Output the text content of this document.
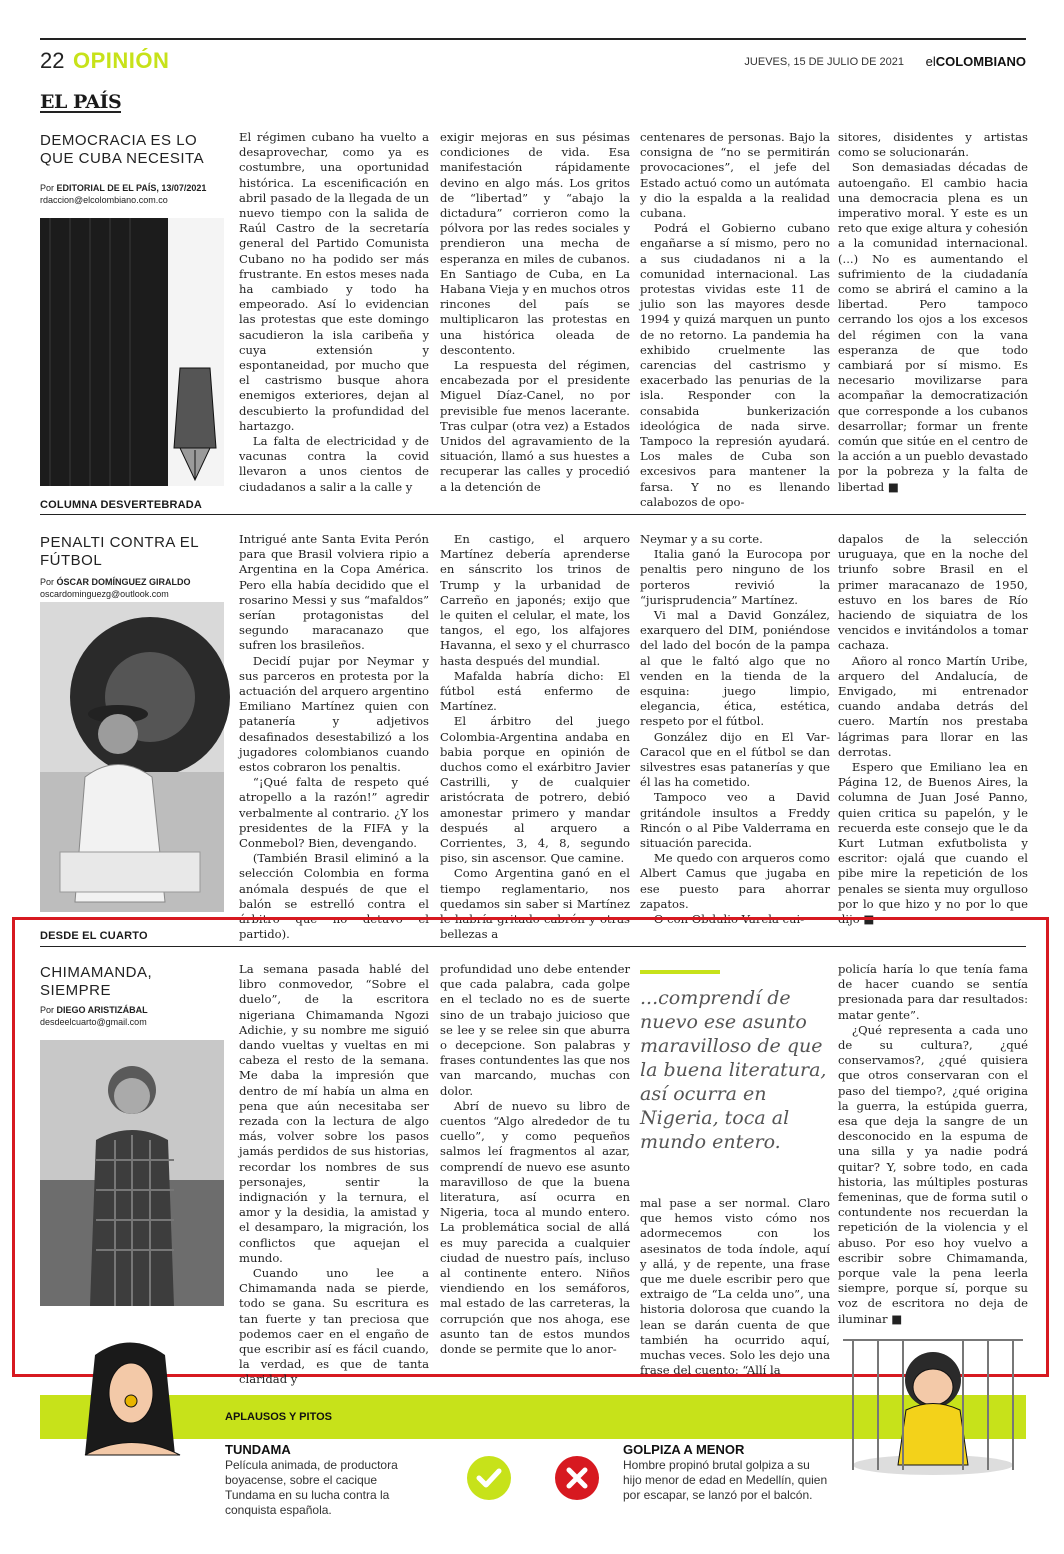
22 OPINIÓN	JUEVES, 15 DE JULIO DE 2021 elCOLOMBIANO
EL PAÍS
DEMOCRACIA ES LO QUE CUBA NECESITA
Por EDITORIAL DE EL PAÍS, 13/07/2021
rdaccion@elcolombiano.com.co

El régimen cubano ha vuelto a desaprovechar, como ya es costumbre, una oportunidad histórica. La escenificación en abril pasado de la llegada de un nuevo tiempo con la salida de Raúl Castro de la secretaría general del Partido Comunista Cubano no ha podido ser más frustrante. En estos meses nada ha cambiado y todo ha empeorado. Así lo evidencian las protestas que este domingo sacudieron la isla caribeña y cuya extensión y espontaneidad, por mucho que el castrismo busque ahora enemigos exteriores, dejan al descubierto la profundidad del hartazgo.

La falta de electricidad y de vacunas contra la covid llevaron a unos cientos de ciudadanos a salir a la calle y

exigir mejoras en sus pésimas condiciones de vida. Esa manifestación rápidamente devino en algo más. Los gritos de “libertad” y “abajo la dictadura” corrieron como la pólvora por las redes sociales y prendieron una mecha de esperanza en miles de cubanos. En Santiago de Cuba, en La Habana Vieja y en muchos otros rincones del país se multiplicaron las protestas en una histórica oleada de descontento.

La respuesta del régimen, encabezada por el presidente Miguel Díaz-Canel, no por previsible fue menos lacerante. Tras culpar (otra vez) a Estados Unidos del agravamiento de la situación, llamó a sus huestes a recuperar las calles y procedió a la detención de

centenares de personas. Bajo la consigna de “no se permitirán provocaciones”, el jefe del Estado actuó como un autómata y dio la espalda a la realidad cubana.

Podrá el Gobierno cubano engañarse a sí mismo, pero no a sus ciudadanos ni a la comunidad internacional. Las protestas vividas este 11 de julio son las mayores desde 1994 y quizá marquen un punto de no retorno. La pandemia ha exhibido cruelmente las carencias del castrismo y exacerbado las penurias de la isla. Responder con la consabida bunkerización ideológica de nada sirve. Tampoco la represión ayudará. Los males de Cuba son excesivos para mantener la farsa. Y no es llenando calabozos de opo-

sitores, disidentes y artistas como se solucionarán.

Son demasiadas décadas de autoengaño. El cambio hacia una democracia plena es un imperativo moral. Y este es un reto que exige altura y cohesión a la comunidad internacional. (...) No es aumentando el sufrimiento de la ciudadanía como se abrirá el camino a la libertad. Pero tampoco cerrando los ojos a los excesos del régimen con la vana esperanza de que todo cambiará por sí mismo. Es necesario movilizarse para acompañar la democratización que corresponde a los cubanos desarrollar; formar un frente común que sitúe en el centro de la acción a un pueblo devastado por la pobreza y la falta de libertad ■

COLUMNA DESVERTEBRADA
PENALTI CONTRA EL FÚTBOL
Por ÓSCAR DOMÍNGUEZ GIRALDO
oscardominguezg@outlook.com

Intrigué ante Santa Evita Perón para que Brasil volviera ripio a Argentina en la Copa América. Pero ella había decidido que el rosarino Messi y sus “mafaldos” serían protagonistas del segundo maracanazo que sufren los brasileños.

Decidí pujar por Neymar y sus parceros en protesta por la actuación del arquero argentino Emiliano Martínez quien con patanería y adjetivos desafinados desestabilizó a los jugadores colombianos cuando estos cobraron los penaltis.

“¡Qué falta de respeto qué atropello a la razón!” agredir verbalmente al contrario. ¿Y los presidentes de la FIFA y la Conmebol? Bien, devengando.

(También Brasil eliminó a la selección Colombia en forma anómala después de que el balón se estrelló contra el árbitro que no detuvo el partido).

En castigo, el arquero Martínez debería aprenderse en sánscrito los trinos de Trump y la urbanidad de Carreño en japonés; exijo que le quiten el celular, el mate, los tangos, el ego, los alfajores Havanna, el sexo y el churrasco hasta después del mundial.

Mafalda habría dicho: El fútbol está enfermo de Martínez.

El árbitro del juego Colombia-Argentina andaba en babia porque en opinión de duchos como el exárbitro Javier Castrilli, y de cualquier aristócrata de potrero, debió amonestar primero y mandar después al arquero a Corrientes, 3, 4, 8, segundo piso, sin ascensor. Que camine.

Como Argentina ganó en el tiempo reglamentario, nos quedamos sin saber si Martínez le habría gritado cabrón y otras bellezas a

Neymar y a su corte.

Italia ganó la Eurocopa por penaltis pero ninguno de los porteros revivió la “jurisprudencia” Martínez.

Vi mal a David González, exarquero del DIM, poniéndose del lado del bocón de la pampa al que le faltó algo que no venden en la tienda de la esquina: juego limpio, elegancia, ética, estética, respeto por el fútbol.

González dijo en El Var-Caracol que en el fútbol se dan silvestres esas patanerías y que él las ha cometido.

Tampoco veo a David gritándole insultos a Freddy Rincón o al Pibe Valderrama en situación parecida.

Me quedo con arqueros como Albert Camus que jugaba en ese puesto para ahorrar zapatos.

O con Obdulio Varela cui-

dapalos de la selección uruguaya, que en la noche del triunfo sobre Brasil en el primer maracanazo de 1950, estuvo en los bares de Río haciendo de siquiatra de los vencidos e invitándolos a tomar cachaza.

Añoro al ronco Martín Uribe, arquero del Andalucía, de Envigado, mi entrenador cuando andaba detrás del cuero. Martín nos prestaba lágrimas para llorar en las derrotas.

Espero que Emiliano lea en Página 12, de Buenos Aires, la columna de Juan José Panno, quien critica su papelón, y le recuerda este consejo que le da Kurt Lutman exfutbolista y escritor: ojalá que cuando el pibe mire la repetición de los penales se sienta muy orgulloso por lo que hizo y no por lo que dijo ■

DESDE EL CUARTO
CHIMAMANDA, SIEMPRE
Por DIEGO ARISTIZÁBAL
desdeelcuarto@gmail.com

La semana pasada hablé del libro conmovedor, “Sobre el duelo”, de la escritora nigeriana Chimamanda Ngozi Adichie, y su nombre me siguió dando vueltas y vueltas en mi cabeza el resto de la semana. Me daba la impresión que dentro de mí había un alma en pena que aún necesitaba ser rezada con la lectura de algo más, volver sobre los pasos jamás perdidos de sus historias, recordar los nombres de sus personajes, sentir la indignación y la ternura, el amor y la desidia, la amistad y el desamparo, la migración, los conflictos que aquejan el mundo.

Cuando uno lee a Chimamanda nada se pierde, todo se gana. Su escritura es tan fuerte y tan preciosa que podemos caer en el engaño de que escribir así es fácil cuando, la verdad, es que de tanta claridad y

profundidad uno debe entender que cada palabra, cada golpe en el teclado no es de suerte sino de un trabajo juicioso que se lee y se relee sin que aburra o decepcione. Son palabras y frases contundentes las que nos van marcando, muchas con dolor.

Abrí de nuevo su libro de cuentos “Algo alrededor de tu cuello”, y como pequeños salmos leí fragmentos al azar, comprendí de nuevo ese asunto maravilloso de que la buena literatura, así ocurra en Nigeria, toca al mundo entero. La problemática social de allá es muy parecida a cualquier ciudad de nuestro país, incluso al continente entero. Niños viendiendo en los semáforos, mal estado de las carreteras, la corrupción que nos ahoga, ese asunto tan de estos mundos donde se permite que lo anor-

...comprendí de nuevo ese asunto maravilloso de que la buena literatura, así ocurra en Nigeria, toca al mundo entero.

mal pase a ser normal. Claro que hemos visto cómo nos adormecemos con los asesinatos de toda índole, aquí y allá, y de repente, una frase que me duele escribir pero que extraigo de “La celda uno”, una historia dolorosa que cuando la lean se darán cuenta de que también ha ocurrido aquí, muchas veces. Solo les dejo una frase del cuento: “Allí la

policía haría lo que tenía fama de hacer cuando se sentía presionada para dar resultados: matar gente”.

¿Qué representa a cada uno de su cultura?, ¿qué conservamos?, ¿qué quisiera que otros conservaran con el paso del tiempo?, ¿qué origina la guerra, la estúpida guerra, esa que deja la sangre de un desconocido en la espuma de una silla y ya nadie podrá quitar? Y, sobre todo, en cada historia, las múltiples posturas femeninas, que de forma sutil o contundente nos recuerdan la repetición de la violencia y el abuso. Por eso hoy vuelvo a escribir sobre Chimamanda, porque vale la pena leerla siempre, porque sí, porque su voz de escritora no deja de iluminar ■

APLAUSOS Y PITOS
TUNDAMA
Película animada, de productora boyacense, sobre el cacique Tundama en su lucha contra la conquista española.
GOLPIZA A MENOR
Hombre propinó brutal golpiza a su hijo menor de edad en Medellín, quien por escapar, se lanzó por el balcón.
